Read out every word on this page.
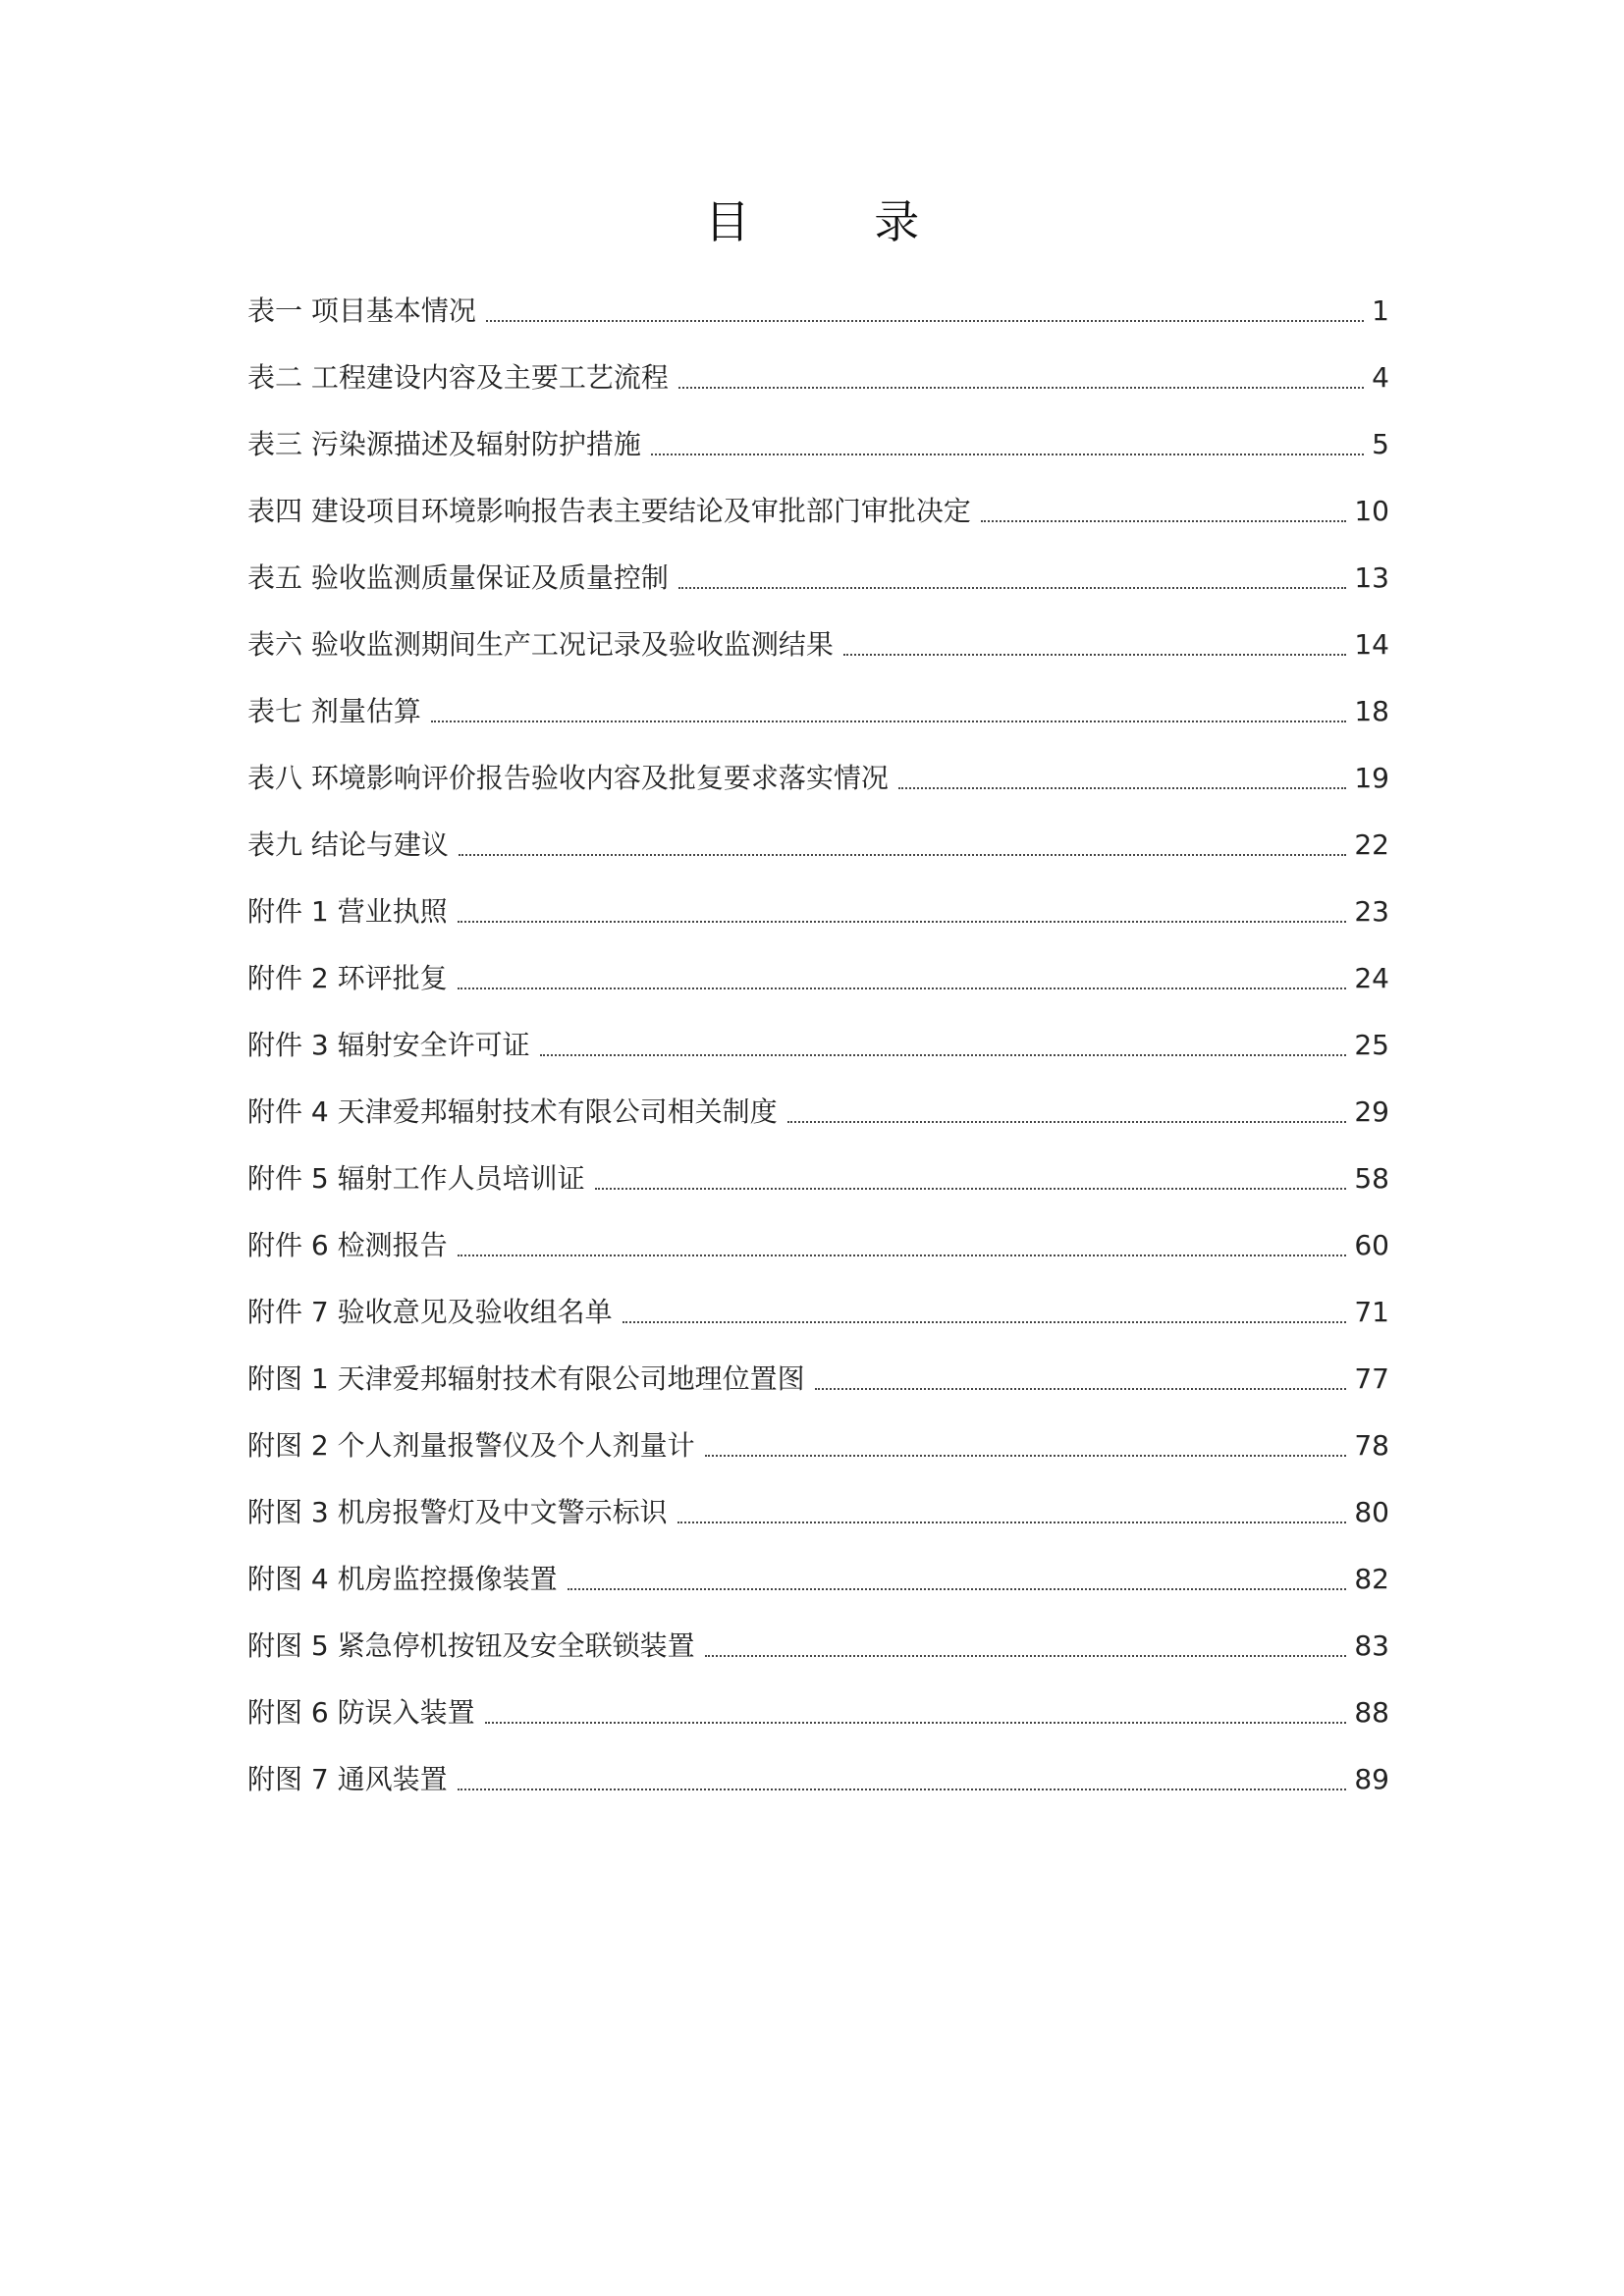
目 录
表一 项目基本情况	1
表二 工程建设内容及主要工艺流程	4
表三 污染源描述及辐射防护措施	5
表四 建设项目环境影响报告表主要结论及审批部门审批决定	10
表五 验收监测质量保证及质量控制	13
表六 验收监测期间生产工况记录及验收监测结果	14
表七 剂量估算	18
表八 环境影响评价报告验收内容及批复要求落实情况	19
表九 结论与建议	22
附件 1 营业执照	23
附件 2 环评批复	24
附件 3 辐射安全许可证	25
附件 4 天津爱邦辐射技术有限公司相关制度	29
附件 5 辐射工作人员培训证	58
附件 6 检测报告	60
附件 7 验收意见及验收组名单	71
附图 1 天津爱邦辐射技术有限公司地理位置图	77
附图 2 个人剂量报警仪及个人剂量计	78
附图 3 机房报警灯及中文警示标识	80
附图 4 机房监控摄像装置	82
附图 5 紧急停机按钮及安全联锁装置	83
附图 6 防误入装置	88
附图 7 通风装置	89
